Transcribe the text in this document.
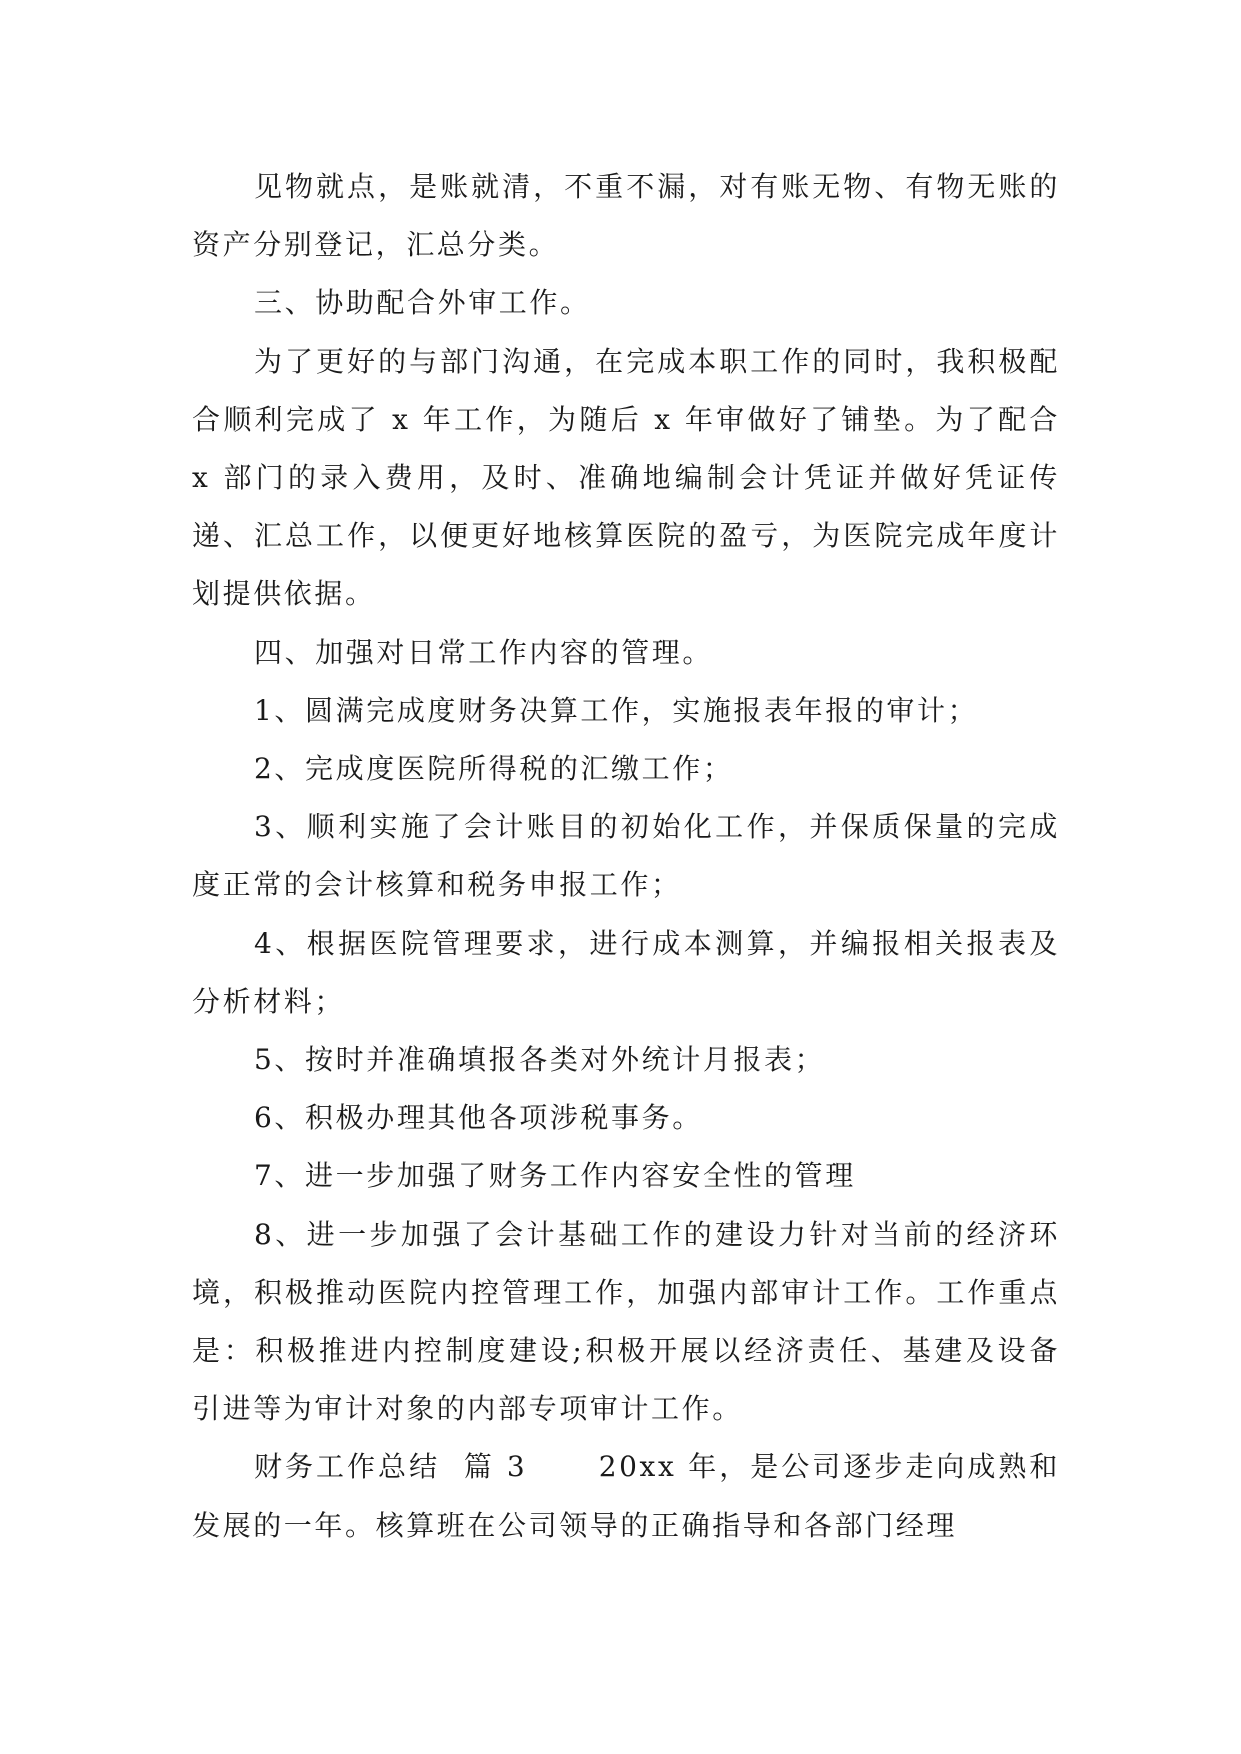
见物就点，是账就清，不重不漏，对有账无物、有物无账的资产分别登记，汇总分类。

三、协助配合外审工作。

为了更好的与部门沟通，在完成本职工作的同时，我积极配合顺利完成了 x 年工作，为随后 x 年审做好了铺垫。为了配合 x 部门的录入费用，及时、准确地编制会计凭证并做好凭证传递、汇总工作，以便更好地核算医院的盈亏，为医院完成年度计划提供依据。

四、加强对日常工作内容的管理。

1、圆满完成度财务决算工作，实施报表年报的审计；

2、完成度医院所得税的汇缴工作；

3、顺利实施了会计账目的初始化工作，并保质保量的完成度正常的会计核算和税务申报工作；

4、根据医院管理要求，进行成本测算，并编报相关报表及分析材料；

5、按时并准确填报各类对外统计月报表；

6、积极办理其他各项涉税事务。

7、进一步加强了财务工作内容安全性的管理

8、进一步加强了会计基础工作的建设力针对当前的经济环境，积极推动医院内控管理工作，加强内部审计工作。工作重点是：积极推进内控制度建设;积极开展以经济责任、基建及设备引进等为审计对象的内部专项审计工作。

财务工作总结  篇 3      20xx 年，是公司逐步走向成熟和发展的一年。核算班在公司领导的正确指导和各部门经理
